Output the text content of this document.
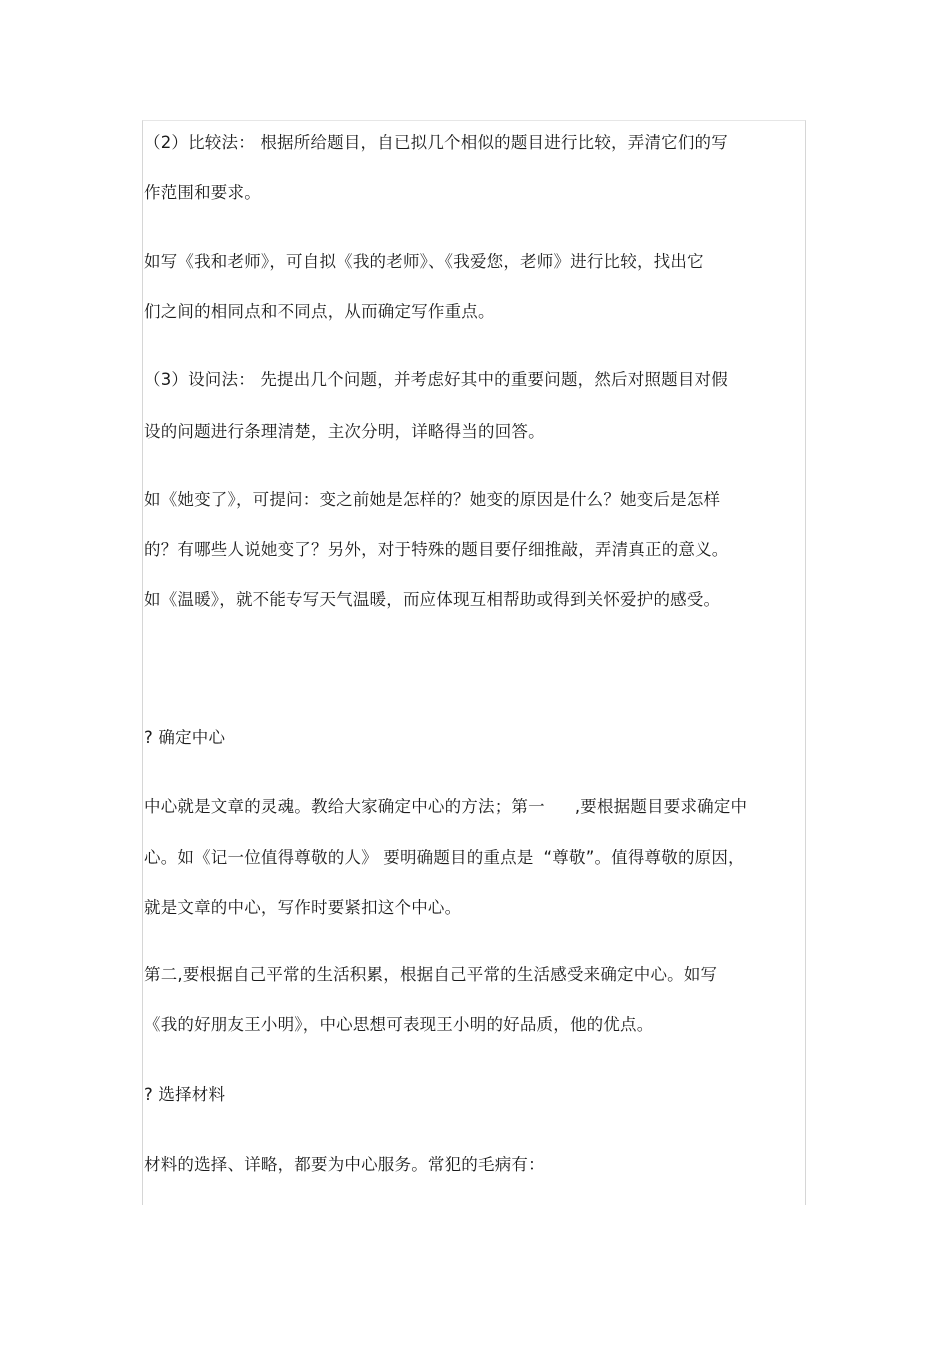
（2）比较法： 根据所给题目，自已拟几个相似的题目进行比较，弄清它们的写
作范围和要求。
如写《我和老师》，可自拟《我的老师》、《我爱您，老师》进行比较，找出它
们之间的相同点和不同点，从而确定写作重点。
（3）设问法： 先提出几个问题，并考虑好其中的重要问题，然后对照题目对假
设的问题进行条理清楚，主次分明，详略得当的回答。
如《她变了》，可提问：变之前她是怎样的？她变的原因是什么？她变后是怎样
的？有哪些人说她变了？另外，对于特殊的题目要仔细推敲，弄清真正的意义。
如《温暖》，就不能专写天气温暖，而应体现互相帮助或得到关怀爱护的感受。
? 确定中心
中心就是文章的灵魂。教给大家确定中心的方法；第一 ,要根据题目要求确定中
心。如《记一位值得尊敬的人》 要明确题目的重点是 “尊敬”。值得尊敬的原因，
就是文章的中心，写作时要紧扣这个中心。
第二,要根据自己平常的生活积累，根据自己平常的生活感受来确定中心。如写
《我的好朋友王小明》，中心思想可表现王小明的好品质，他的优点。
? 选择材料
材料的选择、详略，都要为中心服务。常犯的毛病有：
